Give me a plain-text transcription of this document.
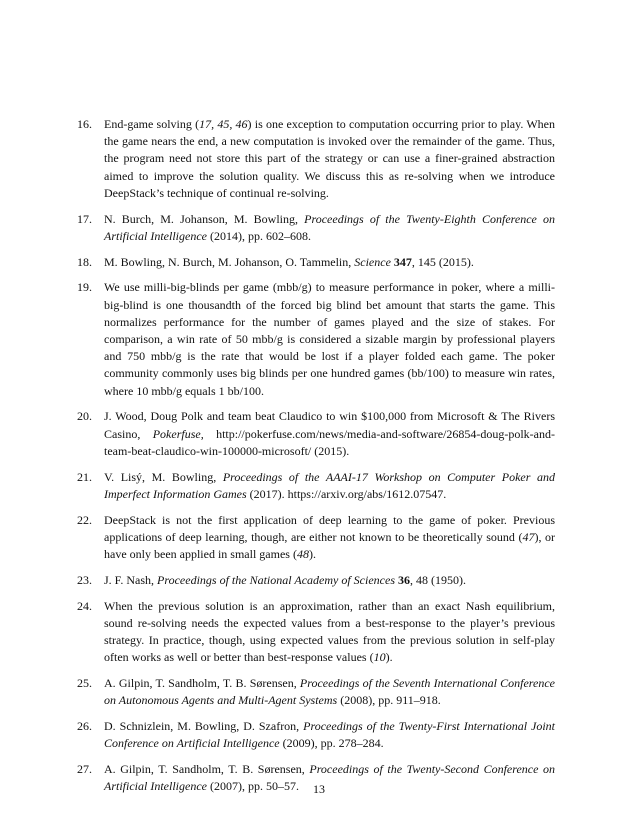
16. End-game solving (17, 45, 46) is one exception to computation occurring prior to play. When the game nears the end, a new computation is invoked over the remainder of the game. Thus, the program need not store this part of the strategy or can use a finer-grained abstraction aimed to improve the solution quality. We discuss this as re-solving when we introduce DeepStack’s technique of continual re-solving.
17. N. Burch, M. Johanson, M. Bowling, Proceedings of the Twenty-Eighth Conference on Artificial Intelligence (2014), pp. 602–608.
18. M. Bowling, N. Burch, M. Johanson, O. Tammelin, Science 347, 145 (2015).
19. We use milli-big-blinds per game (mbb/g) to measure performance in poker, where a milli-big-blind is one thousandth of the forced big blind bet amount that starts the game. This normalizes performance for the number of games played and the size of stakes. For comparison, a win rate of 50 mbb/g is considered a sizable margin by professional players and 750 mbb/g is the rate that would be lost if a player folded each game. The poker community commonly uses big blinds per one hundred games (bb/100) to measure win rates, where 10 mbb/g equals 1 bb/100.
20. J. Wood, Doug Polk and team beat Claudico to win $100,000 from Microsoft & The Rivers Casino, Pokerfuse, http://pokerfuse.com/news/media-and-software/26854-doug-polk-and-team-beat-claudico-win-100000-microsoft/ (2015).
21. V. Lisý, M. Bowling, Proceedings of the AAAI-17 Workshop on Computer Poker and Imperfect Information Games (2017). https://arxiv.org/abs/1612.07547.
22. DeepStack is not the first application of deep learning to the game of poker. Previous applications of deep learning, though, are either not known to be theoretically sound (47), or have only been applied in small games (48).
23. J. F. Nash, Proceedings of the National Academy of Sciences 36, 48 (1950).
24. When the previous solution is an approximation, rather than an exact Nash equilibrium, sound re-solving needs the expected values from a best-response to the player’s previous strategy. In practice, though, using expected values from the previous solution in self-play often works as well or better than best-response values (10).
25. A. Gilpin, T. Sandholm, T. B. Sørensen, Proceedings of the Seventh International Conference on Autonomous Agents and Multi-Agent Systems (2008), pp. 911–918.
26. D. Schnizlein, M. Bowling, D. Szafron, Proceedings of the Twenty-First International Joint Conference on Artificial Intelligence (2009), pp. 278–284.
27. A. Gilpin, T. Sandholm, T. B. Sørensen, Proceedings of the Twenty-Second Conference on Artificial Intelligence (2007), pp. 50–57.	13
